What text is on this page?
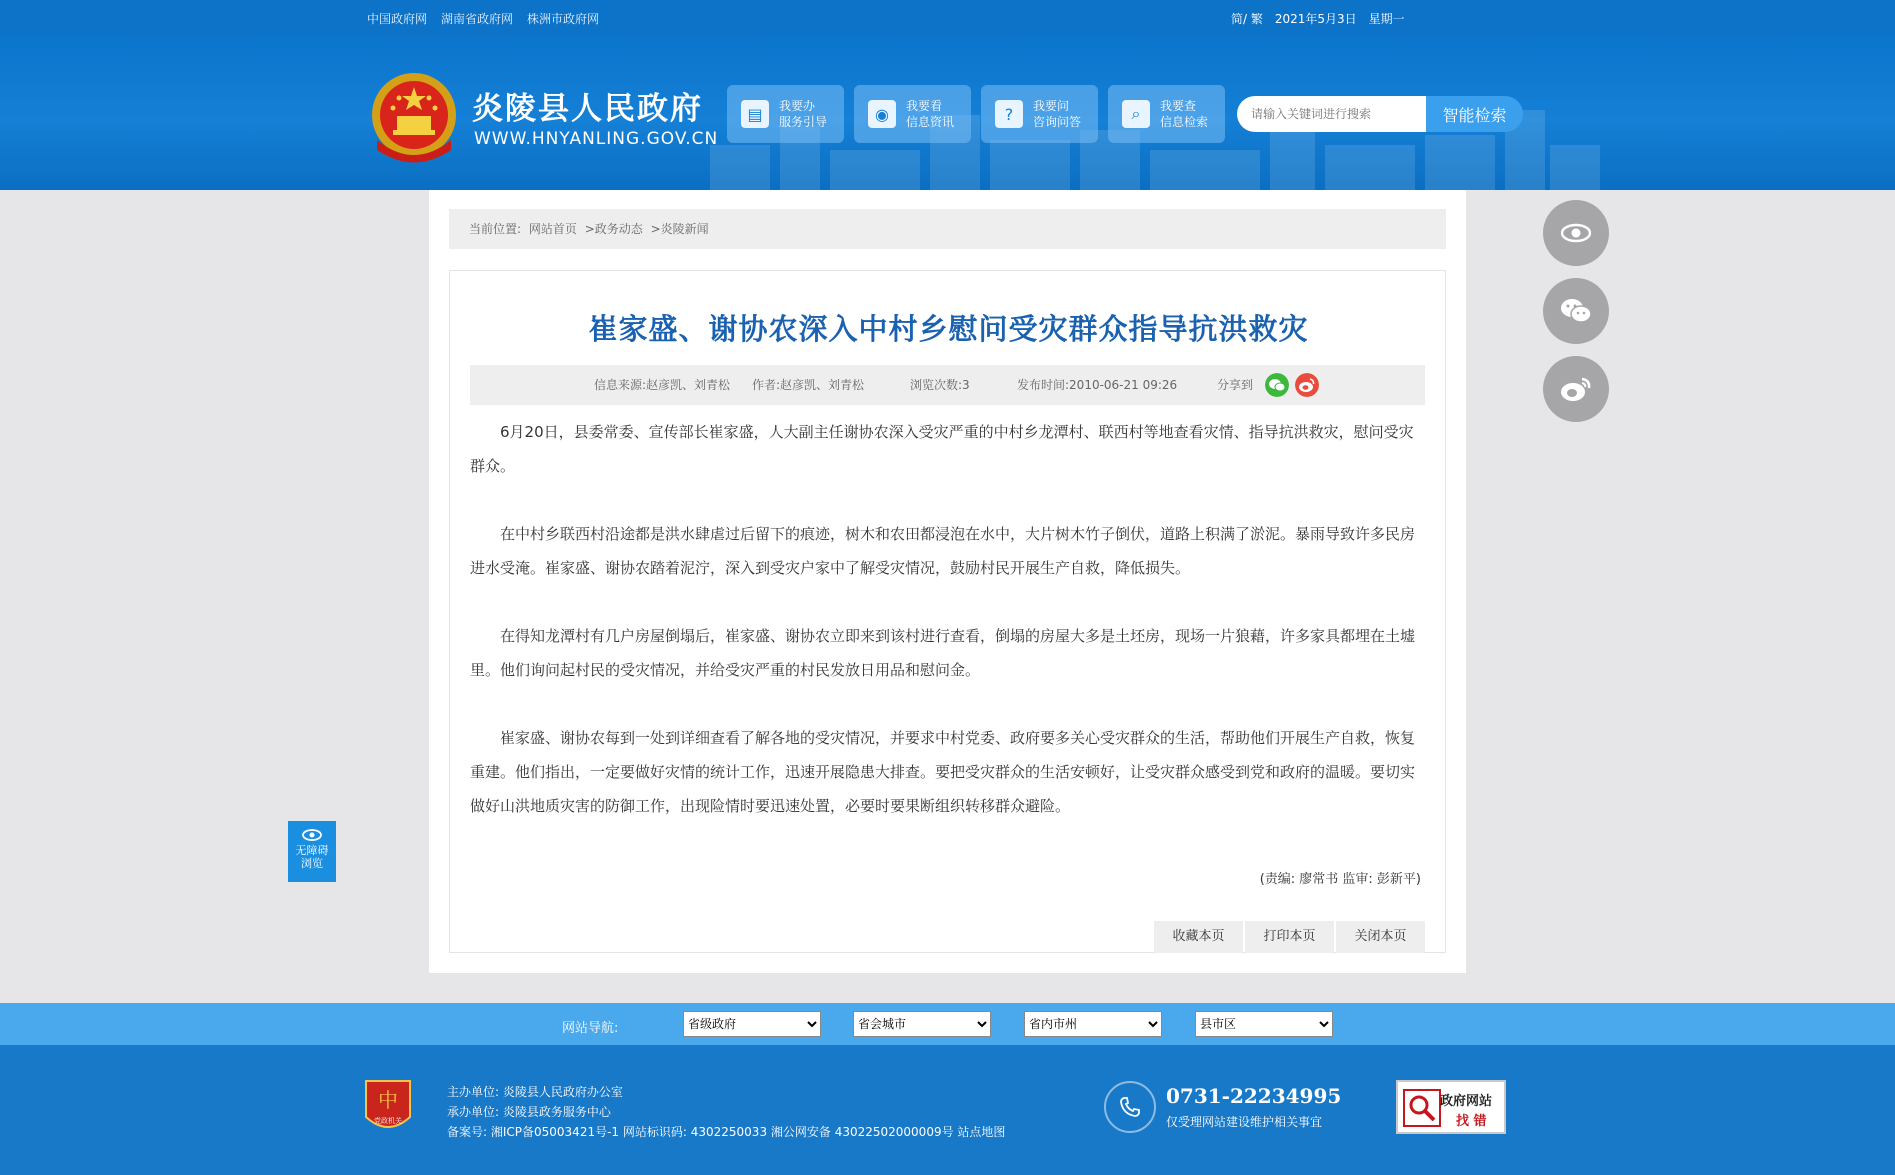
中国政府网 湖南省政府网 株洲市政府网	简/ 繁 2021年5月3日 星期一
炎陵县人民政府
WWW.HNYANLING.GOV.CN
▤	我要办
服务引导	◉	我要看
信息资讯	?	我要问
咨询问答	⌕	我要查
信息检索
请输入关键词进行搜索	智能检索
无障碍
浏览
当前位置: 网站首页 >政务动态 >炎陵新闻
崔家盛、谢协农深入中村乡慰问受灾群众指导抗洪救灾
信息来源:赵彦凯、刘青松 作者:赵彦凯、刘青松	浏览次数:3	发布时间:2010-06-21 09:26	分享到

6月20日，县委常委、宣传部长崔家盛，人大副主任谢协农深入受灾严重的中村乡龙潭村、联西村等地查看灾情、指导抗洪救灾，慰问受灾群众。

在中村乡联西村沿途都是洪水肆虐过后留下的痕迹，树木和农田都浸泡在水中，大片树木竹子倒伏，道路上积满了淤泥。暴雨导致许多民房进水受淹。崔家盛、谢协农踏着泥泞，深入到受灾户家中了解受灾情况，鼓励村民开展生产自救，降低损失。

在得知龙潭村有几户房屋倒塌后，崔家盛、谢协农立即来到该村进行查看，倒塌的房屋大多是土坯房，现场一片狼藉，许多家具都埋在土墟里。他们询问起村民的受灾情况，并给受灾严重的村民发放日用品和慰问金。

崔家盛、谢协农每到一处到详细查看了解各地的受灾情况，并要求中村党委、政府要多关心受灾群众的生活，帮助他们开展生产自救，恢复重建。他们指出，一定要做好灾情的统计工作，迅速开展隐患大排查。要把受灾群众的生活安顿好，让受灾群众感受到党和政府的温暖。要切实做好山洪地质灾害的防御工作，出现险情时要迅速处置，必要时要果断组织转移群众避险。

(责编: 廖常书 监审: 彭新平)
收藏本页	打印本页	关闭本页
网站导航:
省级政府
省会城市
省内市州
县市区
中
党政机关
主办单位: 炎陵县人民政府办公室
承办单位: 炎陵县政务服务中心
备案号: 湘ICP备05003421号-1 网站标识码: 4302250033 湘公网安备 43022502000009号 站点地图
0731-22234995
仅受理网站建设维护相关事宜
政府网站
找 错
